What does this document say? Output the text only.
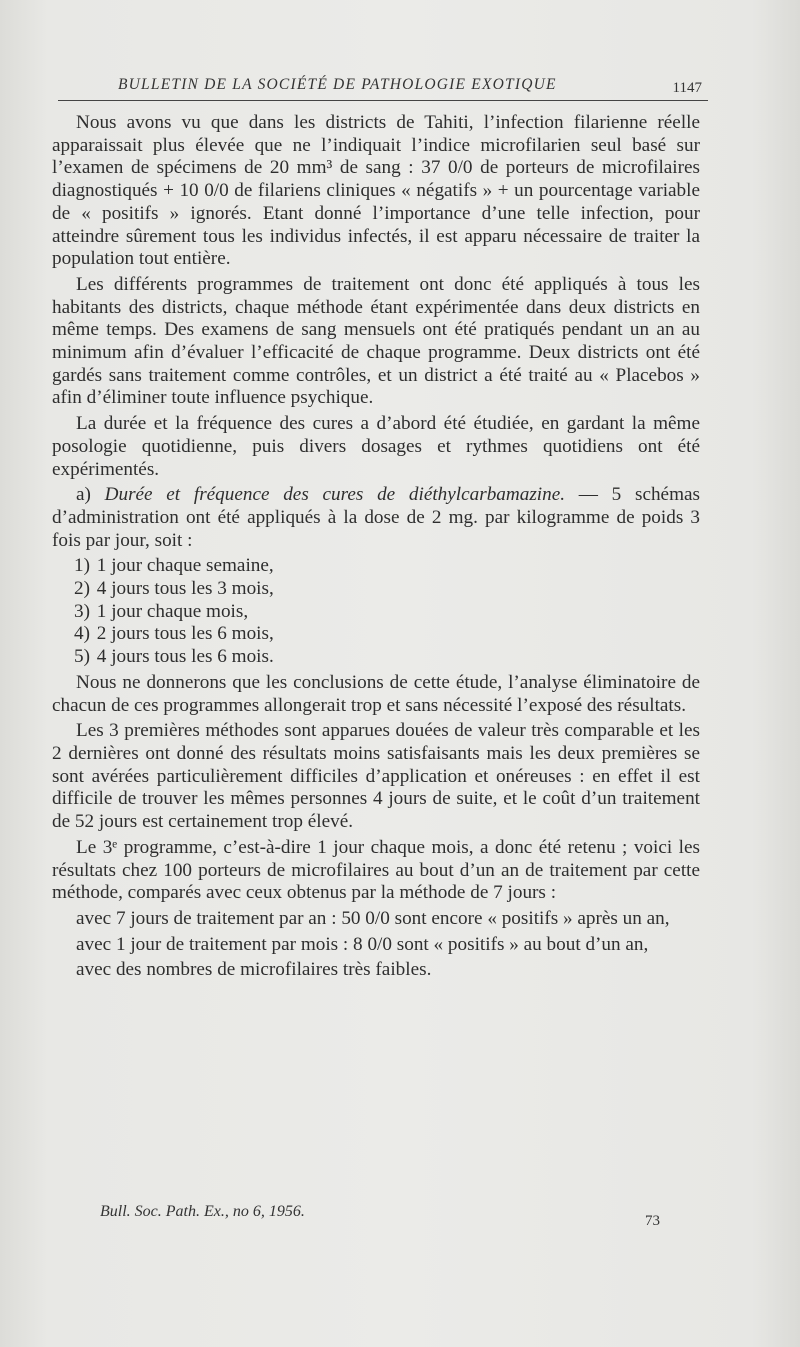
BULLETIN DE LA SOCIÉTÉ DE PATHOLOGIE EXOTIQUE	1147

Nous avons vu que dans les districts de Tahiti, l’infection filarienne réelle apparaissait plus élevée que ne l’indiquait l’indice microfilarien seul basé sur l’examen de spécimens de 20 mm³ de sang : 37 0/0 de porteurs de microfilaires diagnostiqués + 10 0/0 de filariens cliniques « négatifs » + un pourcentage variable de « positifs » ignorés. Etant donné l’importance d’une telle infection, pour atteindre sûrement tous les individus infectés, il est apparu nécessaire de traiter la population tout entière.

Les différents programmes de traitement ont donc été appliqués à tous les habitants des districts, chaque méthode étant expérimentée dans deux districts en même temps. Des examens de sang mensuels ont été pratiqués pendant un an au minimum afin d’évaluer l’efficacité de chaque programme. Deux districts ont été gardés sans traitement comme contrôles, et un district a été traité au « Placebos » afin d’éliminer toute influence psychique.

La durée et la fréquence des cures a d’abord été étudiée, en gardant la même posologie quotidienne, puis divers dosages et rythmes quotidiens ont été expérimentés.

a) Durée et fréquence des cures de diéthylcarbamazine. — 5 schémas d’administration ont été appliqués à la dose de 2 mg. par kilogramme de poids 3 fois par jour, soit :

1) 1 jour chaque semaine,

2) 4 jours tous les 3 mois,

3) 1 jour chaque mois,

4) 2 jours tous les 6 mois,

5) 4 jours tous les 6 mois.

Nous ne donnerons que les conclusions de cette étude, l’analyse éliminatoire de chacun de ces programmes allongerait trop et sans nécessité l’exposé des résultats.

Les 3 premières méthodes sont apparues douées de valeur très comparable et les 2 dernières ont donné des résultats moins satisfaisants mais les deux premières se sont avérées particulièrement difficiles d’application et onéreuses : en effet il est difficile de trouver les mêmes personnes 4 jours de suite, et le coût d’un traitement de 52 jours est certainement trop élevé.

Le 3ᵉ programme, c’est-à-dire 1 jour chaque mois, a donc été retenu ; voici les résultats chez 100 porteurs de microfilaires au bout d’un an de traitement par cette méthode, comparés avec ceux obtenus par la méthode de 7 jours :

avec 7 jours de traitement par an : 50 0/0 sont encore « positifs » après un an,

avec 1 jour de traitement par mois : 8 0/0 sont « positifs » au bout d’un an,

avec des nombres de microfilaires très faibles.

Bull. Soc. Path. Ex., no 6, 1956.
73
